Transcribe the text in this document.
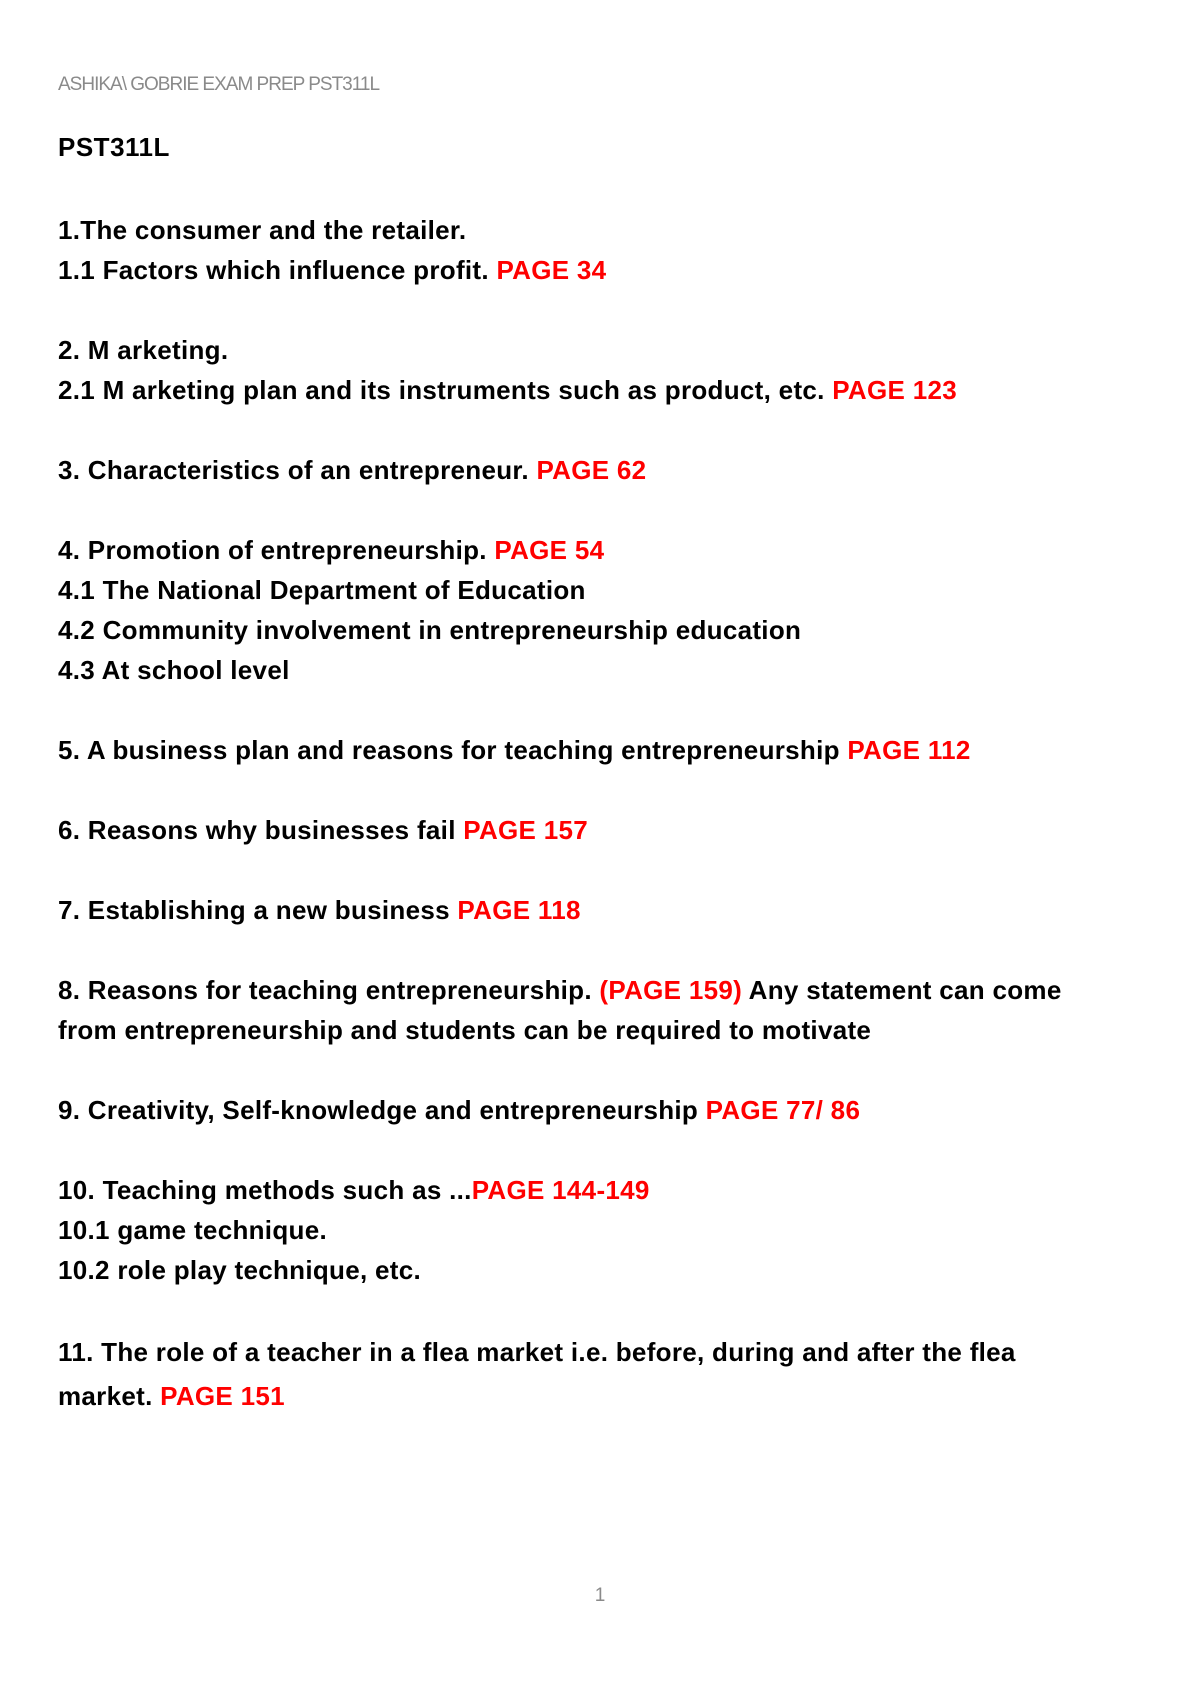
ASHIKA\ GOBRIE EXAM PREP PST311L
PST311L
1.The consumer and the retailer.
1.1 Factors which influence profit. PAGE 34
2. M arketing.
2.1 M arketing plan and its instruments such as product, etc. PAGE 123
3. Characteristics of an entrepreneur. PAGE 62
4. Promotion of entrepreneurship. PAGE 54
4.1 The National Department of Education
4.2 Community involvement in entrepreneurship education
4.3 At school level
5. A business plan and reasons for teaching entrepreneurship PAGE 112
6. Reasons why businesses fail PAGE 157
7. Establishing a new business PAGE 118
8. Reasons for teaching entrepreneurship. (PAGE 159) Any statement can come
from entrepreneurship and students can be required to motivate
9. Creativity, Self-knowledge and entrepreneurship PAGE 77/ 86
10. Teaching methods such as ...PAGE 144-149
10.1 game technique.
10.2 role play technique, etc.
11. The role of a teacher in a flea market i.e. before, during and after the flea
market. PAGE 151
1
